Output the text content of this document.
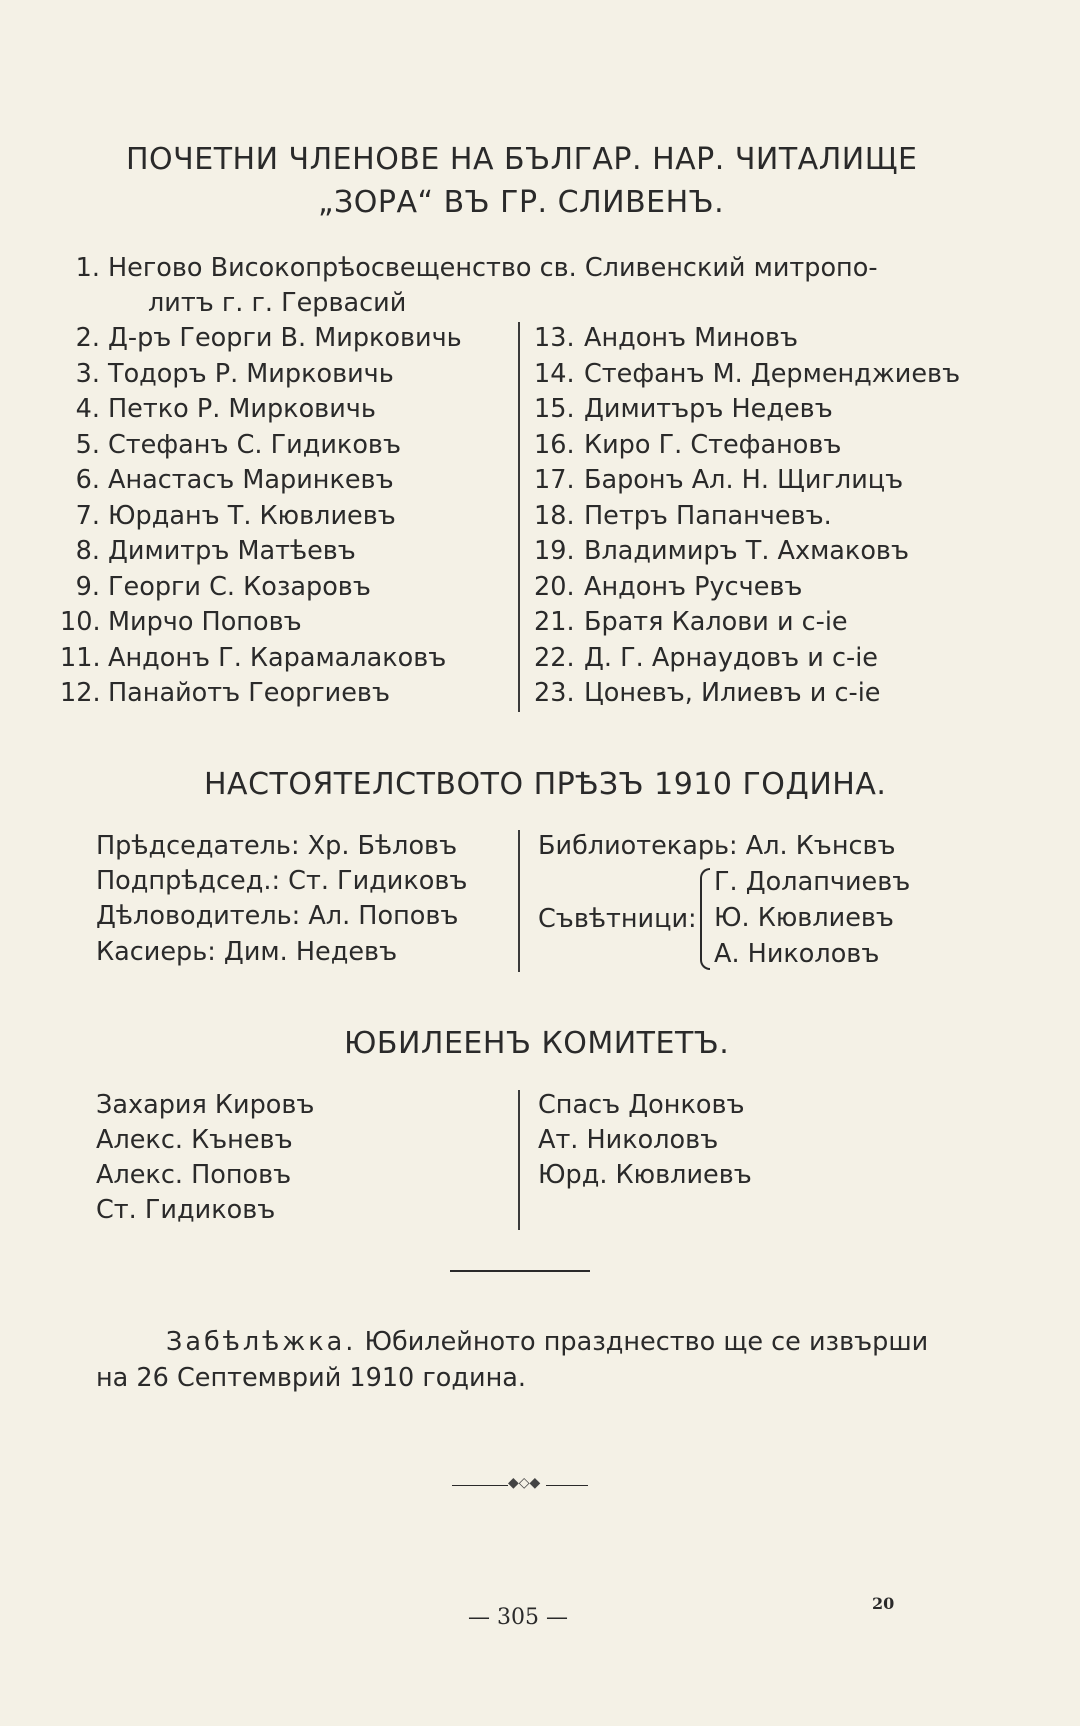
ПОЧЕТНИ ЧЛЕНОВЕ НА БЪЛГАР. НАР. ЧИТАЛИЩЕ
„ЗОРА“ ВЪ ГР. СЛИВЕНЪ.
1. Негово Високопрѣосвещенство св. Сливенский митропо-
литъ г. г. Гервасий
НАСТОЯТЕЛСТВОТО ПРѢЗЪ 1910 ГОДИНА.
Прѣдседатель: Хр. Бѣловъ
Подпрѣдсед.: Ст. Гидиковъ
Дѣловодитель: Ал. Поповъ
Касиерь: Дим. Недевъ
Библиотекарь: Ал. Кънсвъ
Съвѣтници:
Г. Долапчиевъ
Ю. Кювлиевъ
А. Николовъ
ЮБИЛЕЕНЪ КОМИТЕТЪ.
Захария Кировъ
Алекс. Къневъ
Алекс. Поповъ
Ст. Гидиковъ
Спасъ Донковъ
Ат. Николовъ
Юрд. Кювлиевъ
Забѣлѣжка. Юбилейното празднество ще се извърши
на 26 Септемврий 1910 година.
◆◇◆
— 305 —
20
2. Д-ръ Георги В. Мирковичь
3. Тодоръ Р. Мирковичь
4. Петко Р. Мирковичь
5. Стефанъ С. Гидиковъ
6. Анастасъ Маринкевъ
7. Юрданъ Т. Кювлиевъ
8. Димитръ Матѣевъ
9. Георги С. Козаровъ
10. Мирчо Поповъ
11. Андонъ Г. Карамалаковъ
12. Панайотъ Георгиевъ
13. Андонъ Миновъ
14. Стефанъ М. Дерменджиевъ
15. Димитъръ Недевъ
16. Киро Г. Стефановъ
17. Баронъ Ал. Н. Щиглицъ
18. Петръ Папанчевъ.
19. Владимиръ Т. Ахмаковъ
20. Андонъ Русчевъ
21. Братя Калови и с-іе
22. Д. Г. Арнаудовъ и с-іе
23. Цоневъ, Илиевъ и с-іе
